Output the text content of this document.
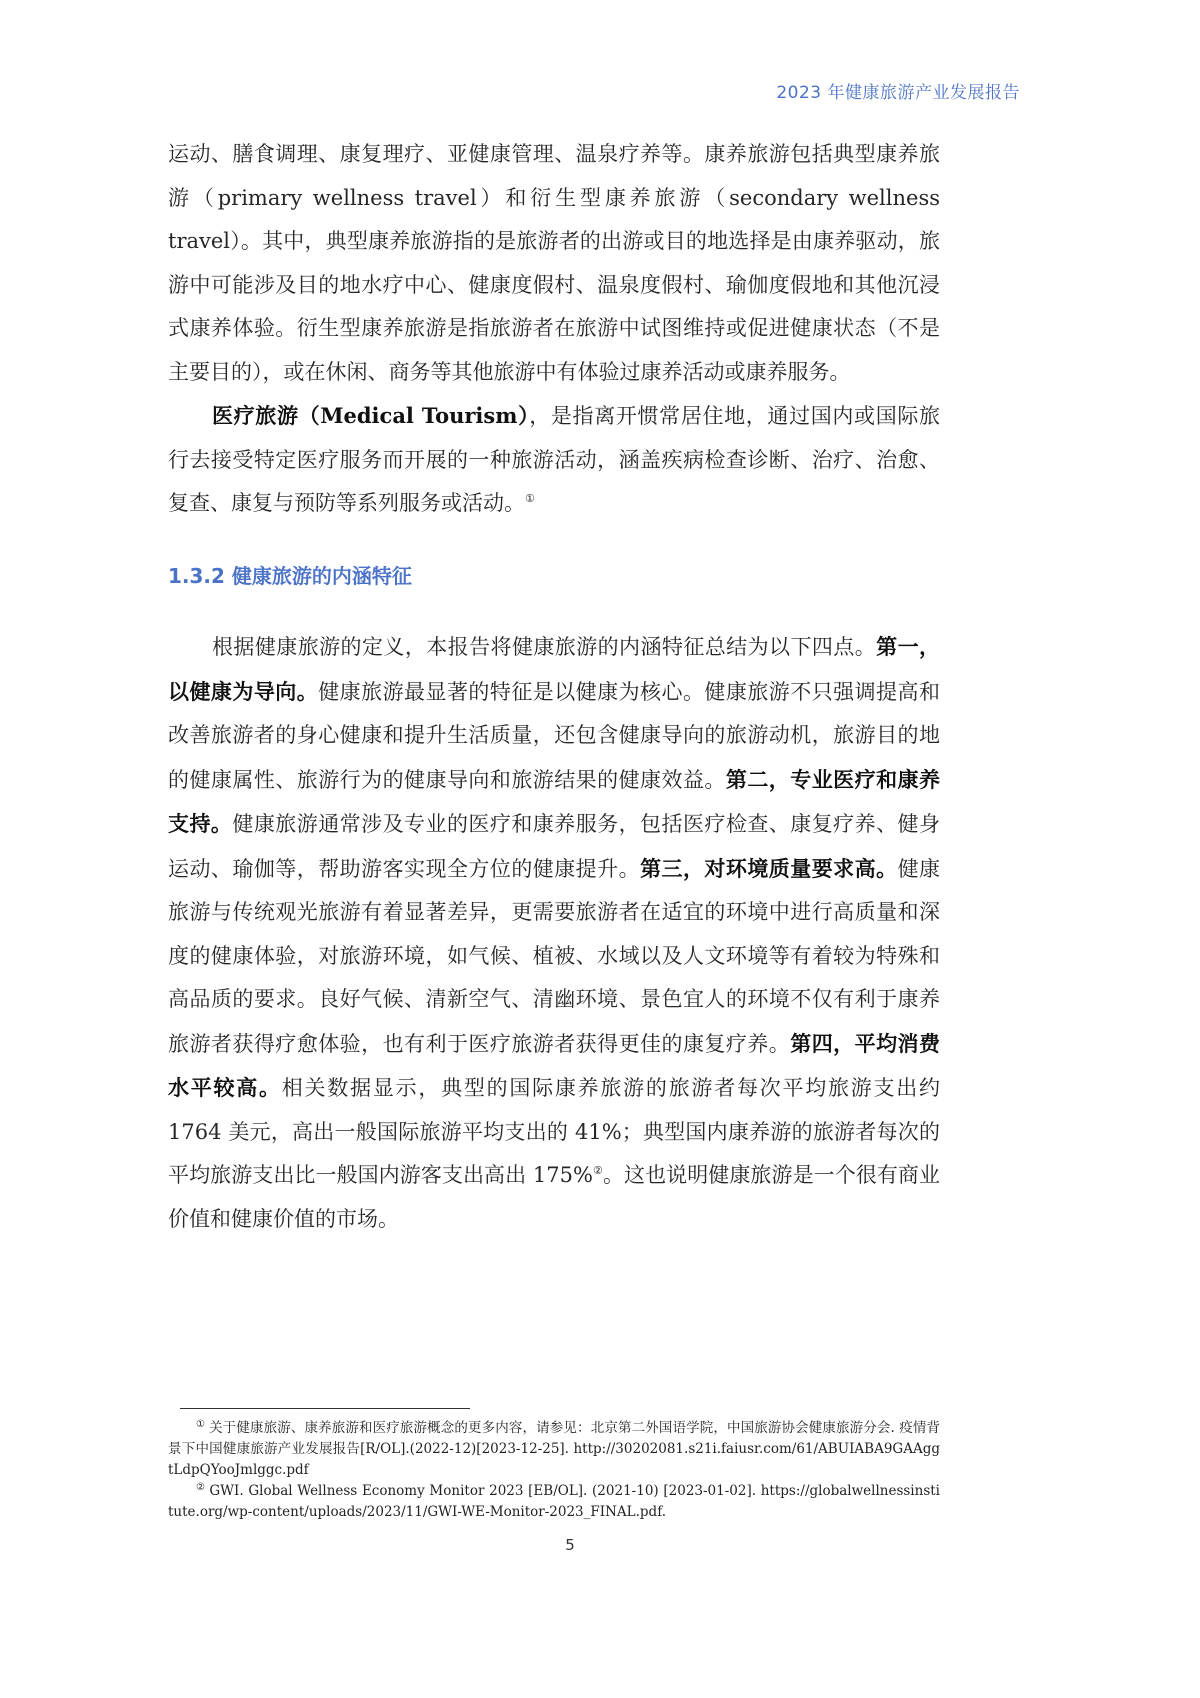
2023 年健康旅游产业发展报告

运动、膳食调理、康复理疗、亚健康管理、温泉疗养等。康养旅游包括典型康养旅游（primary wellness travel）和衍生型康养旅游（secondary wellness travel）。其中，典型康养旅游指的是旅游者的出游或目的地选择是由康养驱动，旅游中可能涉及目的地水疗中心、健康度假村、温泉度假村、瑜伽度假地和其他沉浸式康养体验。衍生型康养旅游是指旅游者在旅游中试图维持或促进健康状态（不是主要目的），或在休闲、商务等其他旅游中有体验过康养活动或康养服务。

医疗旅游（Medical Tourism），是指离开惯常居住地，通过国内或国际旅行去接受特定医疗服务而开展的一种旅游活动，涵盖疾病检查诊断、治疗、治愈、复查、康复与预防等系列服务或活动。①

1.3.2 健康旅游的内涵特征

根据健康旅游的定义，本报告将健康旅游的内涵特征总结为以下四点。第一，以健康为导向。健康旅游最显著的特征是以健康为核心。健康旅游不只强调提高和改善旅游者的身心健康和提升生活质量，还包含健康导向的旅游动机，旅游目的地的健康属性、旅游行为的健康导向和旅游结果的健康效益。第二，专业医疗和康养支持。健康旅游通常涉及专业的医疗和康养服务，包括医疗检查、康复疗养、健身运动、瑜伽等，帮助游客实现全方位的健康提升。第三，对环境质量要求高。健康旅游与传统观光旅游有着显著差异，更需要旅游者在适宜的环境中进行高质量和深度的健康体验，对旅游环境，如气候、植被、水域以及人文环境等有着较为特殊和高品质的要求。良好气候、清新空气、清幽环境、景色宜人的环境不仅有利于康养旅游者获得疗愈体验，也有利于医疗旅游者获得更佳的康复疗养。第四，平均消费水平较高。相关数据显示，典型的国际康养旅游的旅游者每次平均旅游支出约 1764 美元，高出一般国际旅游平均支出的 41%；典型国内康养游的旅游者每次的平均旅游支出比一般国内游客支出高出 175%②。这也说明健康旅游是一个很有商业价值和健康价值的市场。

① 关于健康旅游、康养旅游和医疗旅游概念的更多内容，请参见：北京第二外国语学院，中国旅游协会健康旅游分会. 疫情背景下中国健康旅游产业发展报告[R/OL].(2022-12)[2023-12-25]. http://30202081.s21i.faiusr.com/61/ABUIABA9GAAggtLdpQYooJmlggc.pdf

② GWI. Global Wellness Economy Monitor 2023 [EB/OL]. (2021-10) [2023-01-02]. https://globalwellnessinstitute.org/wp-content/uploads/2023/11/GWI-WE-Monitor-2023_FINAL.pdf.

5
